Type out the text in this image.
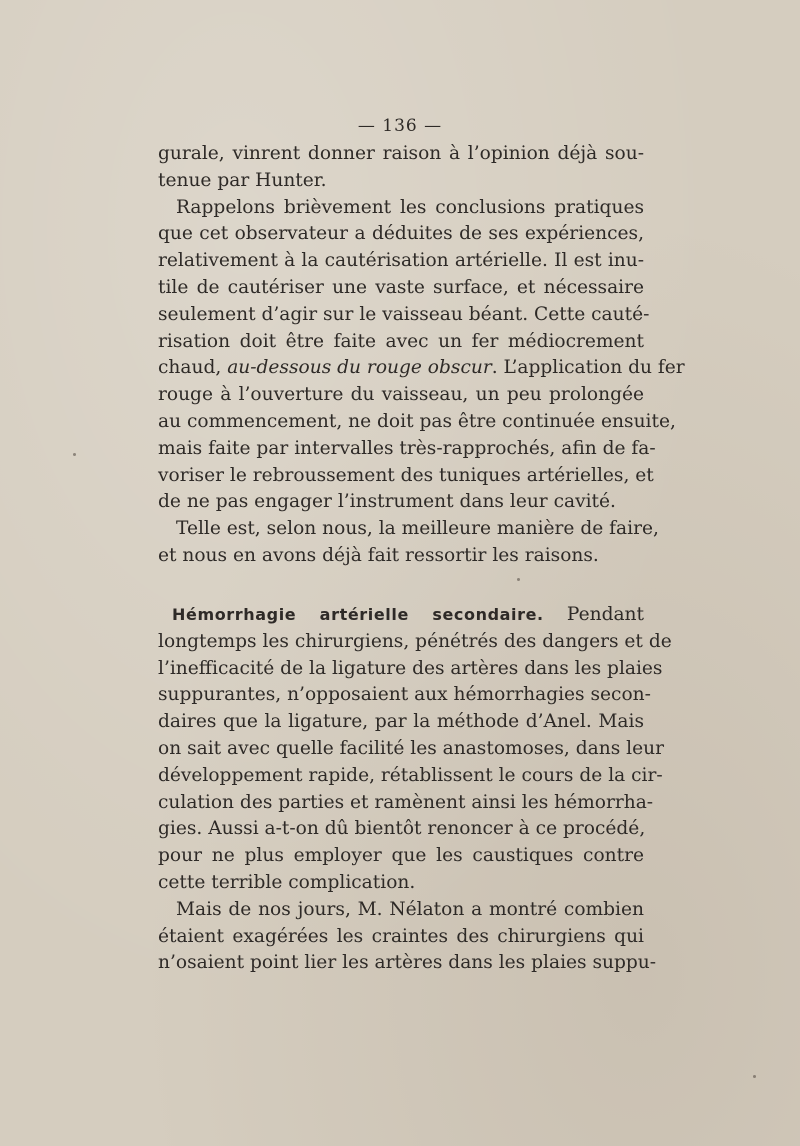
— 136 —
gurale, vinrent donner raison à l’opinion déjà sou-
tenue par Hunter.
Rappelons brièvement les conclusions pratiques
que cet observateur a déduites de ses expériences,
relativement à la cautérisation artérielle. Il est inu-
tile de cautériser une vaste surface, et nécessaire
seulement d’agir sur le vaisseau béant. Cette cauté-
risation doit être faite avec un fer médiocrement
chaud, au-dessous du rouge obscur. L’application du fer
rouge à l’ouverture du vaisseau, un peu prolongée
au commencement, ne doit pas être continuée ensuite,
mais faite par intervalles très-rapprochés, afin de fa-
voriser le rebroussement des tuniques artérielles, et
de ne pas engager l’instrument dans leur cavité.
Telle est, selon nous, la meilleure manière de faire,
et nous en avons déjà fait ressortir les raisons.
Hémorrhagie artérielle secondaire. Pendant
longtemps les chirurgiens, pénétrés des dangers et de
l’inefficacité de la ligature des artères dans les plaies
suppurantes, n’opposaient aux hémorrhagies secon-
daires que la ligature, par la méthode d’Anel. Mais
on sait avec quelle facilité les anastomoses, dans leur
développement rapide, rétablissent le cours de la cir-
culation des parties et ramènent ainsi les hémorrha-
gies. Aussi a-t-on dû bientôt renoncer à ce procédé,
pour ne plus employer que les caustiques contre
cette terrible complication.
Mais de nos jours, M. Nélaton a montré combien
étaient exagérées les craintes des chirurgiens qui
n’osaient point lier les artères dans les plaies suppu-
